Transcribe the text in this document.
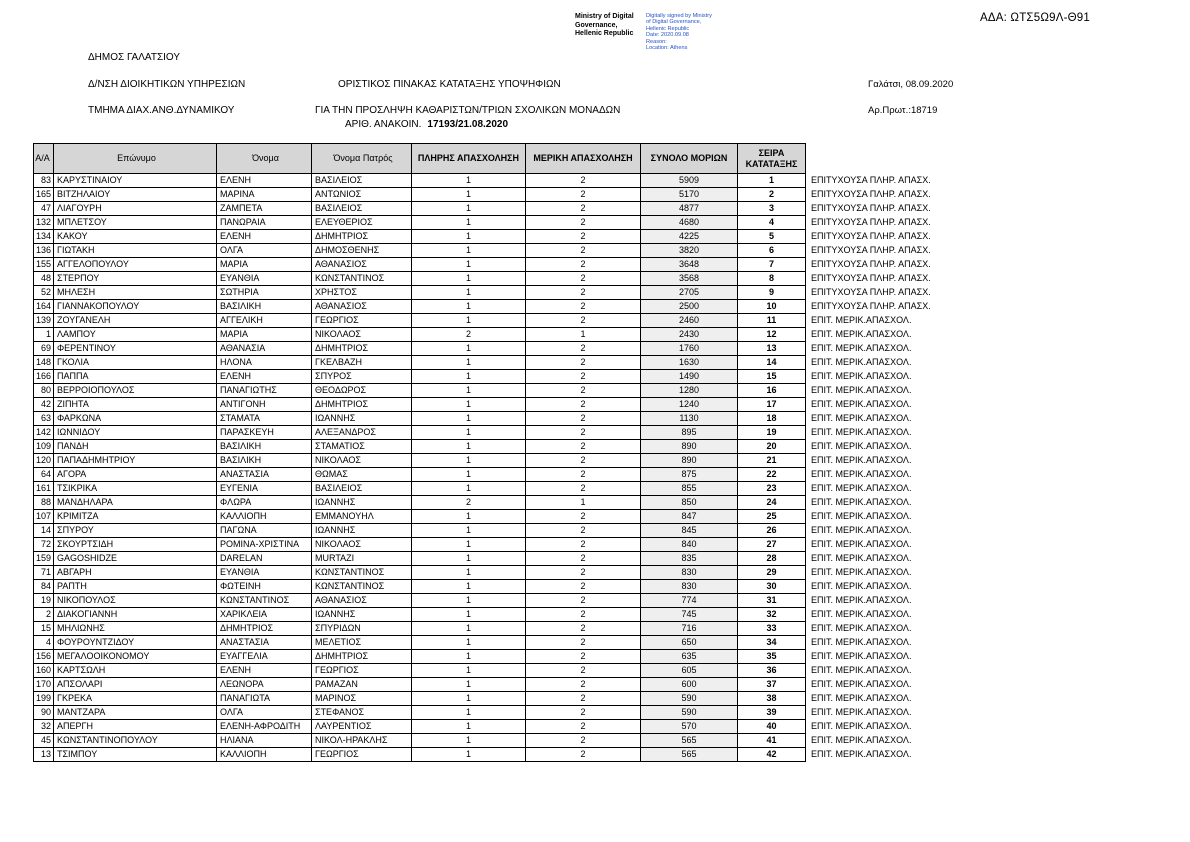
ΑΔΑ: ΩΤΣ5Ω9Λ-Θ91
Ministry of Digital
Governance,
Hellenic Republic
Digitally signed by Ministry
of Digital Governance,
Hellenic Republic
Date: 2020.09.08
Reason:
Location: Athens
ΔΗΜΟΣ ΓΑΛΑΤΣΙΟΥ
Δ/ΝΣΗ ΔΙΟΙΚΗΤΙΚΩΝ ΥΠΗΡΕΣΙΩΝ
ΤΜΗΜΑ ΔΙΑΧ.ΑΝΘ.ΔΥΝΑΜΙΚΟΥ
ΟΡΙΣΤΙΚΟΣ ΠΙΝΑΚΑΣ ΚΑΤΑΤΑΞΗΣ ΥΠΟΨΗΦΙΩΝ
ΓΙΑ ΤΗΝ ΠΡΟΣΛΗΨΗ ΚΑΘΑΡΙΣΤΩΝ/ΤΡΙΩΝ ΣΧΟΛΙΚΩΝ ΜΟΝΑΔΩΝ
ΑΡΙΘ. ΑΝΑΚΟΙΝ. 17193/21.08.2020
Γαλάτσι, 08.09.2020
Αρ.Πρωτ.:18719
Α/Α	Επώνυμο	Όνομα	Όνομα Πατρός	ΠΛΗΡΗΣ ΑΠΑΣΧΟΛΗΣΗ	ΜΕΡΙΚΗ ΑΠΑΣΧΟΛΗΣΗ	ΣΥΝΟΛΟ ΜΟΡΙΩΝ	ΣΕΙΡΑ ΚΑΤΑΤΑΞΗΣ	
83	ΚΑΡΥΣΤΙΝΑΙΟΥ	ΕΛΕΝΗ	ΒΑΣΙΛΕΙΟΣ	1	2	5909	1	ΕΠΙΤΥΧΟΥΣΑ ΠΛΗΡ. ΑΠΑΣΧ.
165	ΒΙΤΖΗΛΑΙΟΥ	ΜΑΡΙΝΑ	ΑΝΤΩΝΙΟΣ	1	2	5170	2	ΕΠΙΤΥΧΟΥΣΑ ΠΛΗΡ. ΑΠΑΣΧ.
47	ΛΙΑΓΟΥΡΗ	ΖΑΜΠΕΤΑ	ΒΑΣΙΛΕΙΟΣ	1	2	4877	3	ΕΠΙΤΥΧΟΥΣΑ ΠΛΗΡ. ΑΠΑΣΧ.
132	ΜΠΛΕΤΣΟΥ	ΠΑΝΩΡΑΙΑ	ΕΛΕΥΘΕΡΙΟΣ	1	2	4680	4	ΕΠΙΤΥΧΟΥΣΑ ΠΛΗΡ. ΑΠΑΣΧ.
134	ΚΑΚΟΥ	ΕΛΕΝΗ	ΔΗΜΗΤΡΙΟΣ	1	2	4225	5	ΕΠΙΤΥΧΟΥΣΑ ΠΛΗΡ. ΑΠΑΣΧ.
136	ΓΙΩΤΑΚΗ	ΟΛΓΑ	ΔΗΜΟΣΘΕΝΗΣ	1	2	3820	6	ΕΠΙΤΥΧΟΥΣΑ ΠΛΗΡ. ΑΠΑΣΧ.
155	ΑΓΓΕΛΟΠΟΥΛΟΥ	ΜΑΡΙΑ	ΑΘΑΝΑΣΙΟΣ	1	2	3648	7	ΕΠΙΤΥΧΟΥΣΑ ΠΛΗΡ. ΑΠΑΣΧ.
48	ΣΤΕΡΠΟΥ	ΕΥΑΝΘΙΑ	ΚΩΝΣΤΑΝΤΙΝΟΣ	1	2	3568	8	ΕΠΙΤΥΧΟΥΣΑ ΠΛΗΡ. ΑΠΑΣΧ.
52	ΜΗΛΕΣΗ	ΣΩΤΗΡΙΑ	ΧΡΗΣΤΟΣ	1	2	2705	9	ΕΠΙΤΥΧΟΥΣΑ ΠΛΗΡ. ΑΠΑΣΧ.
164	ΓΙΑΝΝΑΚΟΠΟΥΛΟΥ	ΒΑΣΙΛΙΚΗ	ΑΘΑΝΑΣΙΟΣ	1	2	2500	10	ΕΠΙΤΥΧΟΥΣΑ ΠΛΗΡ. ΑΠΑΣΧ.
139	ΖΟΥΓΑΝΕΛΗ	ΑΓΓΕΛΙΚΗ	ΓΕΩΡΓΙΟΣ	1	2	2460	11	ΕΠΙΤ. ΜΕΡΙΚ.ΑΠΑΣΧΟΛ.
1	ΛΑΜΠΟΥ	ΜΑΡΙΑ	ΝΙΚΟΛΑΟΣ	2	1	2430	12	ΕΠΙΤ. ΜΕΡΙΚ.ΑΠΑΣΧΟΛ.
69	ΦΕΡΕΝΤΙΝΟΥ	ΑΘΑΝΑΣΙΑ	ΔΗΜΗΤΡΙΟΣ	1	2	1760	13	ΕΠΙΤ. ΜΕΡΙΚ.ΑΠΑΣΧΟΛ.
148	ΓΚΟΛΙΑ	ΗΛΟΝΑ	ΓΚΕΛΒΑΖΗ	1	2	1630	14	ΕΠΙΤ. ΜΕΡΙΚ.ΑΠΑΣΧΟΛ.
166	ΠΑΠΠΑ	ΕΛΕΝΗ	ΣΠΥΡΟΣ	1	2	1490	15	ΕΠΙΤ. ΜΕΡΙΚ.ΑΠΑΣΧΟΛ.
80	ΒΕΡΡΟΙΟΠΟΥΛΟΣ	ΠΑΝΑΓΙΩΤΗΣ	ΘΕΟΔΩΡΟΣ	1	2	1280	16	ΕΠΙΤ. ΜΕΡΙΚ.ΑΠΑΣΧΟΛ.
42	ΖΙΠΗΤΑ	ΑΝΤΙΓΟΝΗ	ΔΗΜΗΤΡΙΟΣ	1	2	1240	17	ΕΠΙΤ. ΜΕΡΙΚ.ΑΠΑΣΧΟΛ.
63	ΦΑΡΚΩΝΑ	ΣΤΑΜΑΤΑ	ΙΩΑΝΝΗΣ	1	2	1130	18	ΕΠΙΤ. ΜΕΡΙΚ.ΑΠΑΣΧΟΛ.
142	ΙΩΝΝΙΔΟΥ	ΠΑΡΑΣΚΕΥΗ	ΑΛΕΞΑΝΔΡΟΣ	1	2	895	19	ΕΠΙΤ. ΜΕΡΙΚ.ΑΠΑΣΧΟΛ.
109	ΠΑΝΔΗ	ΒΑΣΙΛΙΚΗ	ΣΤΑΜΑΤΙΟΣ	1	2	890	20	ΕΠΙΤ. ΜΕΡΙΚ.ΑΠΑΣΧΟΛ.
120	ΠΑΠΑΔΗΜΗΤΡΙΟΥ	ΒΑΣΙΛΙΚΗ	ΝΙΚΟΛΑΟΣ	1	2	890	21	ΕΠΙΤ. ΜΕΡΙΚ.ΑΠΑΣΧΟΛ.
64	ΑΓΟΡΑ	ΑΝΑΣΤΑΣΙΑ	ΘΩΜΑΣ	1	2	875	22	ΕΠΙΤ. ΜΕΡΙΚ.ΑΠΑΣΧΟΛ.
161	ΤΣΙΚΡΙΚΑ	ΕΥΓΕΝΙΑ	ΒΑΣΙΛΕΙΟΣ	1	2	855	23	ΕΠΙΤ. ΜΕΡΙΚ.ΑΠΑΣΧΟΛ.
88	ΜΑΝΔΗΛΑΡΑ	ΦΛΩΡΑ	ΙΩΑΝΝΗΣ	2	1	850	24	ΕΠΙΤ. ΜΕΡΙΚ.ΑΠΑΣΧΟΛ.
107	ΚΡΙΜΙΤΖΑ	ΚΑΛΛΙΟΠΗ	ΕΜΜΑΝΟΥΗΛ	1	2	847	25	ΕΠΙΤ. ΜΕΡΙΚ.ΑΠΑΣΧΟΛ.
14	ΣΠΥΡΟΥ	ΠΑΓΩΝΑ	ΙΩΑΝΝΗΣ	1	2	845	26	ΕΠΙΤ. ΜΕΡΙΚ.ΑΠΑΣΧΟΛ.
72	ΣΚΟΥΡΤΣΙΔΗ	ΡΟΜΙΝΑ-ΧΡΙΣΤΙΝΑ	ΝΙΚΟΛΑΟΣ	1	2	840	27	ΕΠΙΤ. ΜΕΡΙΚ.ΑΠΑΣΧΟΛ.
159	GAGOSHIDZE	DARELAN	MURTAZI	1	2	835	28	ΕΠΙΤ. ΜΕΡΙΚ.ΑΠΑΣΧΟΛ.
71	ΑΒΓΑΡΗ	ΕΥΑΝΘΙΑ	ΚΩΝΣΤΑΝΤΙΝΟΣ	1	2	830	29	ΕΠΙΤ. ΜΕΡΙΚ.ΑΠΑΣΧΟΛ.
84	ΡΑΠΤΗ	ΦΩΤΕΙΝΗ	ΚΩΝΣΤΑΝΤΙΝΟΣ	1	2	830	30	ΕΠΙΤ. ΜΕΡΙΚ.ΑΠΑΣΧΟΛ.
19	ΝΙΚΟΠΟΥΛΟΣ	ΚΩΝΣΤΑΝΤΙΝΟΣ	ΑΘΑΝΑΣΙΟΣ	1	2	774	31	ΕΠΙΤ. ΜΕΡΙΚ.ΑΠΑΣΧΟΛ.
2	ΔΙΑΚΟΓΙΑΝΝΗ	ΧΑΡΙΚΛΕΙΑ	ΙΩΑΝΝΗΣ	1	2	745	32	ΕΠΙΤ. ΜΕΡΙΚ.ΑΠΑΣΧΟΛ.
15	ΜΗΛΙΩΝΗΣ	ΔΗΜΗΤΡΙΟΣ	ΣΠΥΡΙΔΩΝ	1	2	716	33	ΕΠΙΤ. ΜΕΡΙΚ.ΑΠΑΣΧΟΛ.
4	ΦΟΥΡΟΥΝΤΖΙΔΟΥ	ΑΝΑΣΤΑΣΙΑ	ΜΕΛΕΤΙΟΣ	1	2	650	34	ΕΠΙΤ. ΜΕΡΙΚ.ΑΠΑΣΧΟΛ.
156	ΜΕΓΑΛΟΟΙΚΟΝΟΜΟΥ	ΕΥΑΓΓΕΛΙΑ	ΔΗΜΗΤΡΙΟΣ	1	2	635	35	ΕΠΙΤ. ΜΕΡΙΚ.ΑΠΑΣΧΟΛ.
160	ΚΑΡΤΣΩΛΗ	ΕΛΕΝΗ	ΓΕΩΡΓΙΟΣ	1	2	605	36	ΕΠΙΤ. ΜΕΡΙΚ.ΑΠΑΣΧΟΛ.
170	ΑΠΣΟΛΑΡΙ	ΛΕΩΝΟΡΑ	ΡΑΜΑΖΑΝ	1	2	600	37	ΕΠΙΤ. ΜΕΡΙΚ.ΑΠΑΣΧΟΛ.
199	ΓΚΡΕΚΑ	ΠΑΝΑΓΙΩΤΑ	ΜΑΡΙΝΟΣ	1	2	590	38	ΕΠΙΤ. ΜΕΡΙΚ.ΑΠΑΣΧΟΛ.
90	ΜΑΝΤΖΑΡΑ	ΟΛΓΑ	ΣΤΕΦΑΝΟΣ	1	2	590	39	ΕΠΙΤ. ΜΕΡΙΚ.ΑΠΑΣΧΟΛ.
32	ΑΠΕΡΓΗ	ΕΛΕΝΗ-ΑΦΡΟΔΙΤΗ	ΛΑΥΡΕΝΤΙΟΣ	1	2	570	40	ΕΠΙΤ. ΜΕΡΙΚ.ΑΠΑΣΧΟΛ.
45	ΚΩΝΣΤΑΝΤΙΝΟΠΟΥΛΟΥ	ΗΛΙΑΝΑ	ΝΙΚΟΛ-ΗΡΑΚΛΗΣ	1	2	565	41	ΕΠΙΤ. ΜΕΡΙΚ.ΑΠΑΣΧΟΛ.
13	ΤΣΙΜΠΟΥ	ΚΑΛΛΙΟΠΗ	ΓΕΩΡΓΙΟΣ	1	2	565	42	ΕΠΙΤ. ΜΕΡΙΚ.ΑΠΑΣΧΟΛ.
